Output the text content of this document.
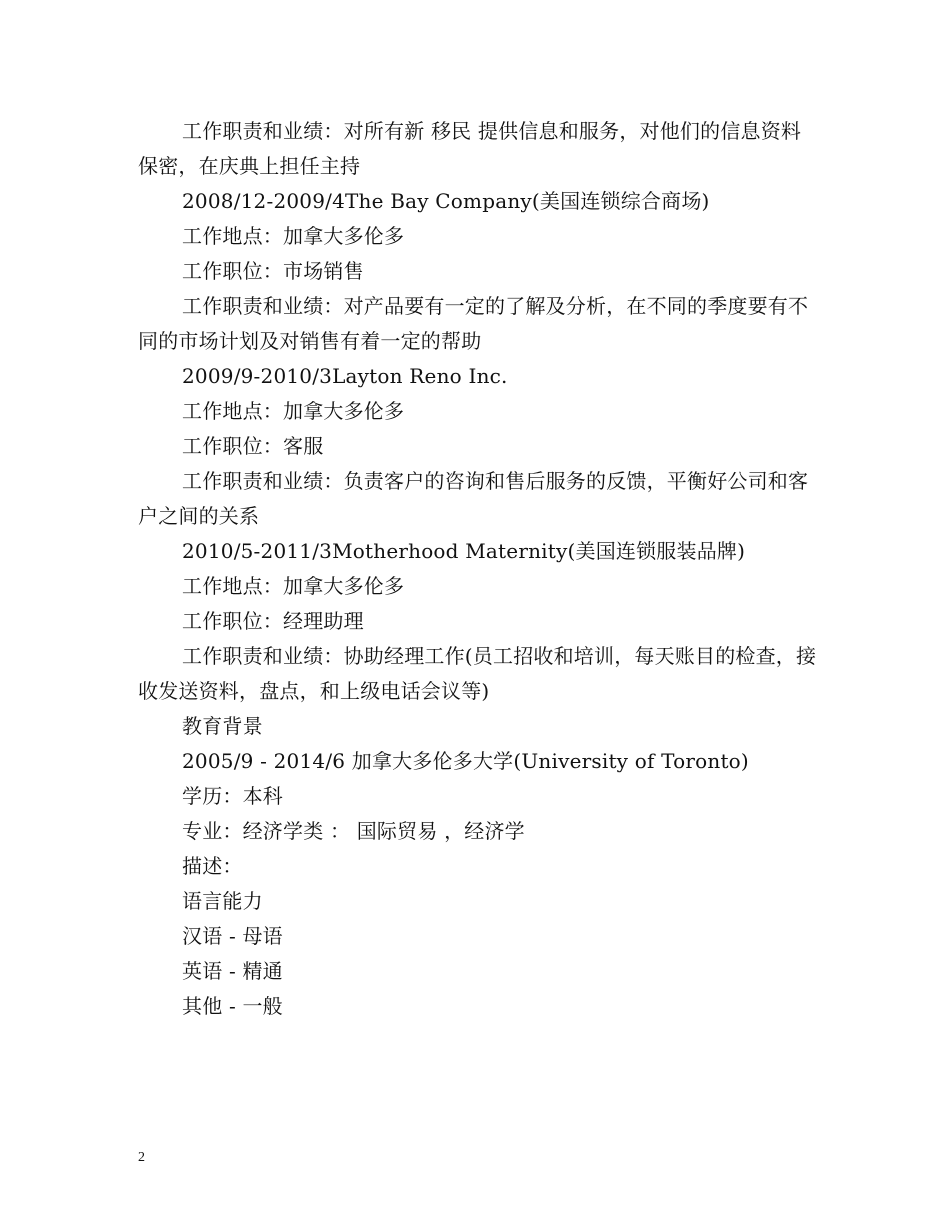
工作职责和业绩：对所有新 移民 提供信息和服务，对他们的信息资料保密，在庆典上担任主持

2008/12-2009/4The Bay Company(美国连锁综合商场)

工作地点：加拿大多伦多

工作职位：市场销售

工作职责和业绩：对产品要有一定的了解及分析，在不同的季度要有不同的市场计划及对销售有着一定的帮助

2009/9-2010/3Layton Reno Inc.

工作地点：加拿大多伦多

工作职位：客服

工作职责和业绩：负责客户的咨询和售后服务的反馈，平衡好公司和客户之间的关系

2010/5-2011/3Motherhood Maternity(美国连锁服装品牌)

工作地点：加拿大多伦多

工作职位：经理助理

工作职责和业绩：协助经理工作(员工招收和培训，每天账目的检查，接收发送资料，盘点，和上级电话会议等)

教育背景

2005/9 - 2014/6 加拿大多伦多大学(University of Toronto)

学历：本科

专业：经济学类 ： 国际贸易 ，经济学

描述：

语言能力

汉语 - 母语

英语 - 精通

其他 - 一般

2
